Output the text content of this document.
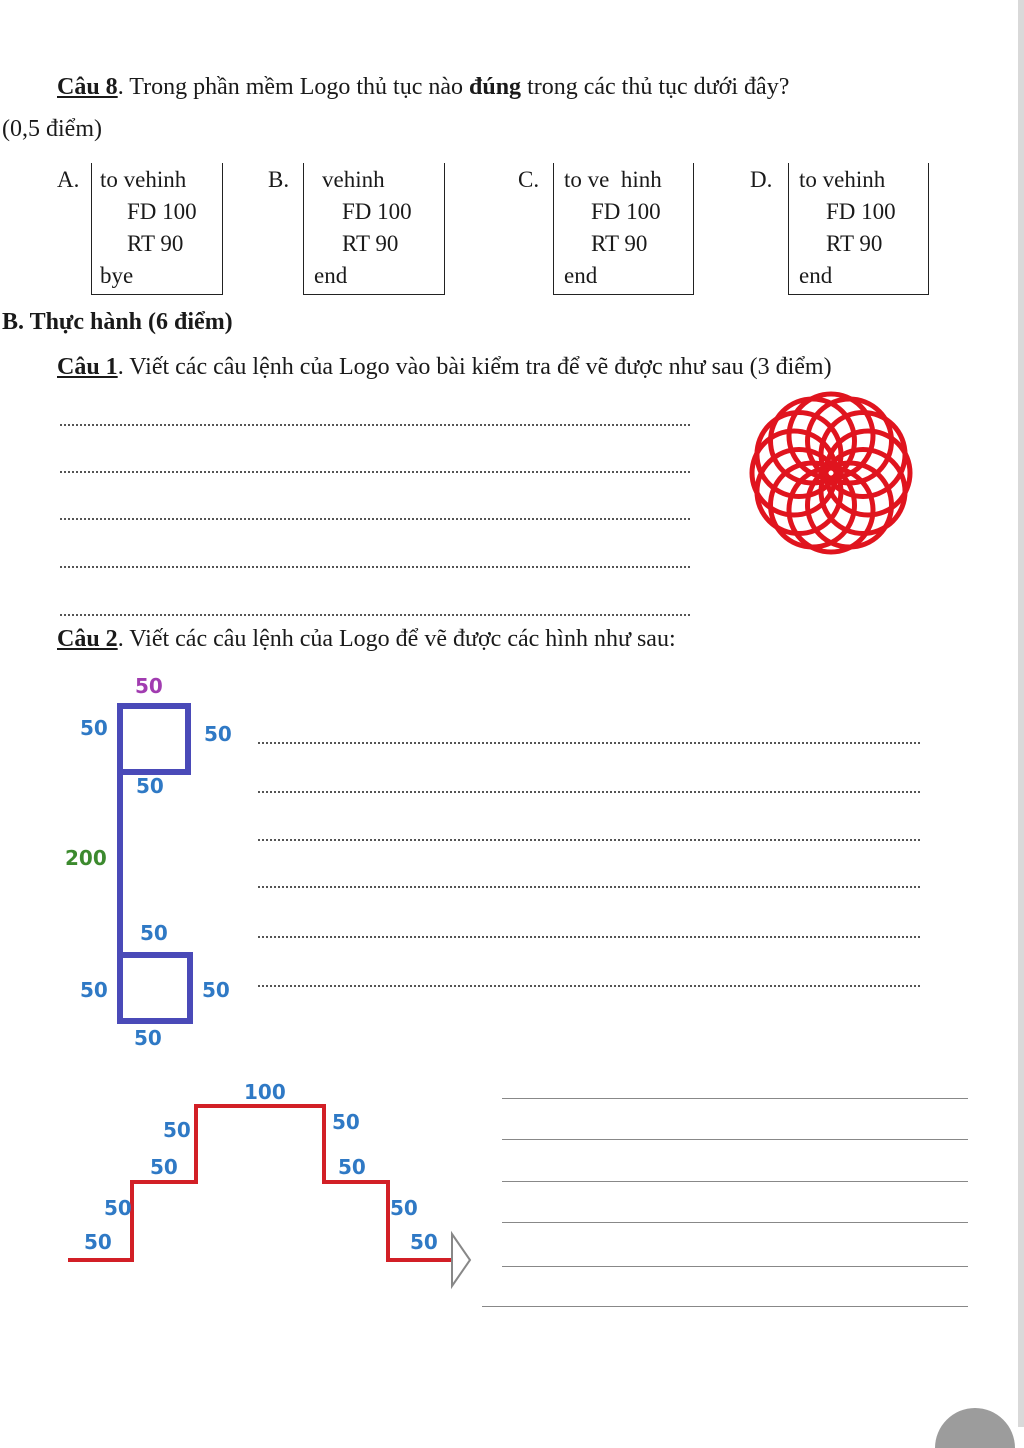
Câu 8. Trong phần mềm Logo thủ tục nào đúng trong các thủ tục dưới đây?
(0,5 điểm)
A. to vehinh
FD 100
RT 90
bye
B. vehinh
FD 100
RT 90
end
C. to ve  hinh
FD 100
RT 90
end
D. to vehinh
FD 100
RT 90
end
B. Thực hành (6 điểm)
Câu 1. Viết các câu lệnh của Logo vào bài kiểm tra để vẽ được như sau (3 điểm)
Câu 2. Viết các câu lệnh của Logo để vẽ được các hình như sau:
50
50	50
50
200
50
50	50
50
100
50	50
50	50
50	50
50	50
